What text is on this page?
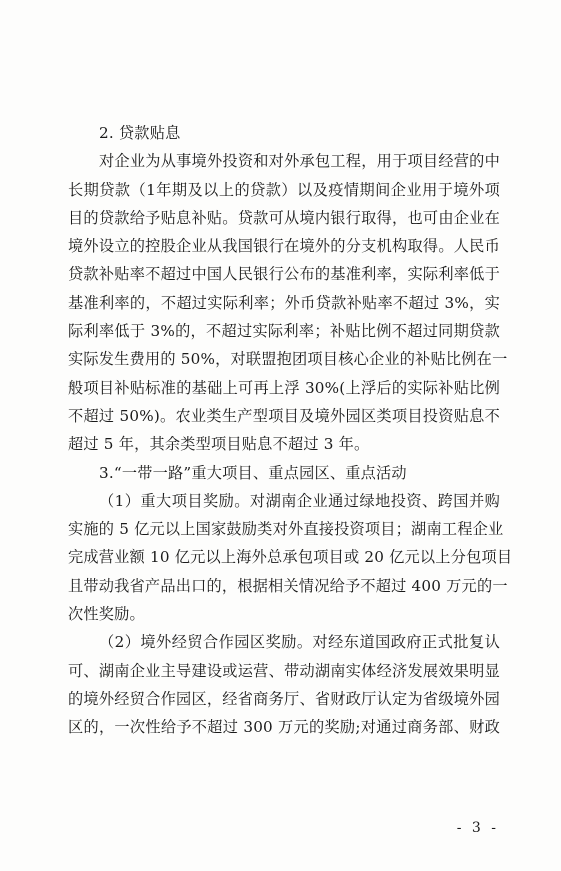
2. 贷款贴息
对企业为从事境外投资和对外承包工程，用于项目经营的中
长期贷款（1年期及以上的贷款）以及疫情期间企业用于境外项
目的贷款给予贴息补贴。贷款可从境内银行取得，也可由企业在
境外设立的控股企业从我国银行在境外的分支机构取得。人民币
贷款补贴率不超过中国人民银行公布的基准利率，实际利率低于
基准利率的，不超过实际利率；外币贷款补贴率不超过 3%，实
际利率低于 3%的，不超过实际利率；补贴比例不超过同期贷款
实际发生费用的 50%，对联盟抱团项目核心企业的补贴比例在一
般项目补贴标准的基础上可再上浮 30%(上浮后的实际补贴比例
不超过 50%)。农业类生产型项目及境外园区类项目投资贴息不
超过 5 年，其余类型项目贴息不超过 3 年。
3.“一带一路”重大项目、重点园区、重点活动
（1）重大项目奖励。对湖南企业通过绿地投资、跨国并购
实施的 5 亿元以上国家鼓励类对外直接投资项目；湖南工程企业
完成营业额 10 亿元以上海外总承包项目或 20 亿元以上分包项目
且带动我省产品出口的，根据相关情况给予不超过 400 万元的一
次性奖励。
（2）境外经贸合作园区奖励。对经东道国政府正式批复认
可、湖南企业主导建设或运营、带动湖南实体经济发展效果明显
的境外经贸合作园区，经省商务厅、省财政厅认定为省级境外园
区的，一次性给予不超过 300 万元的奖励;对通过商务部、财政
- 3 -
